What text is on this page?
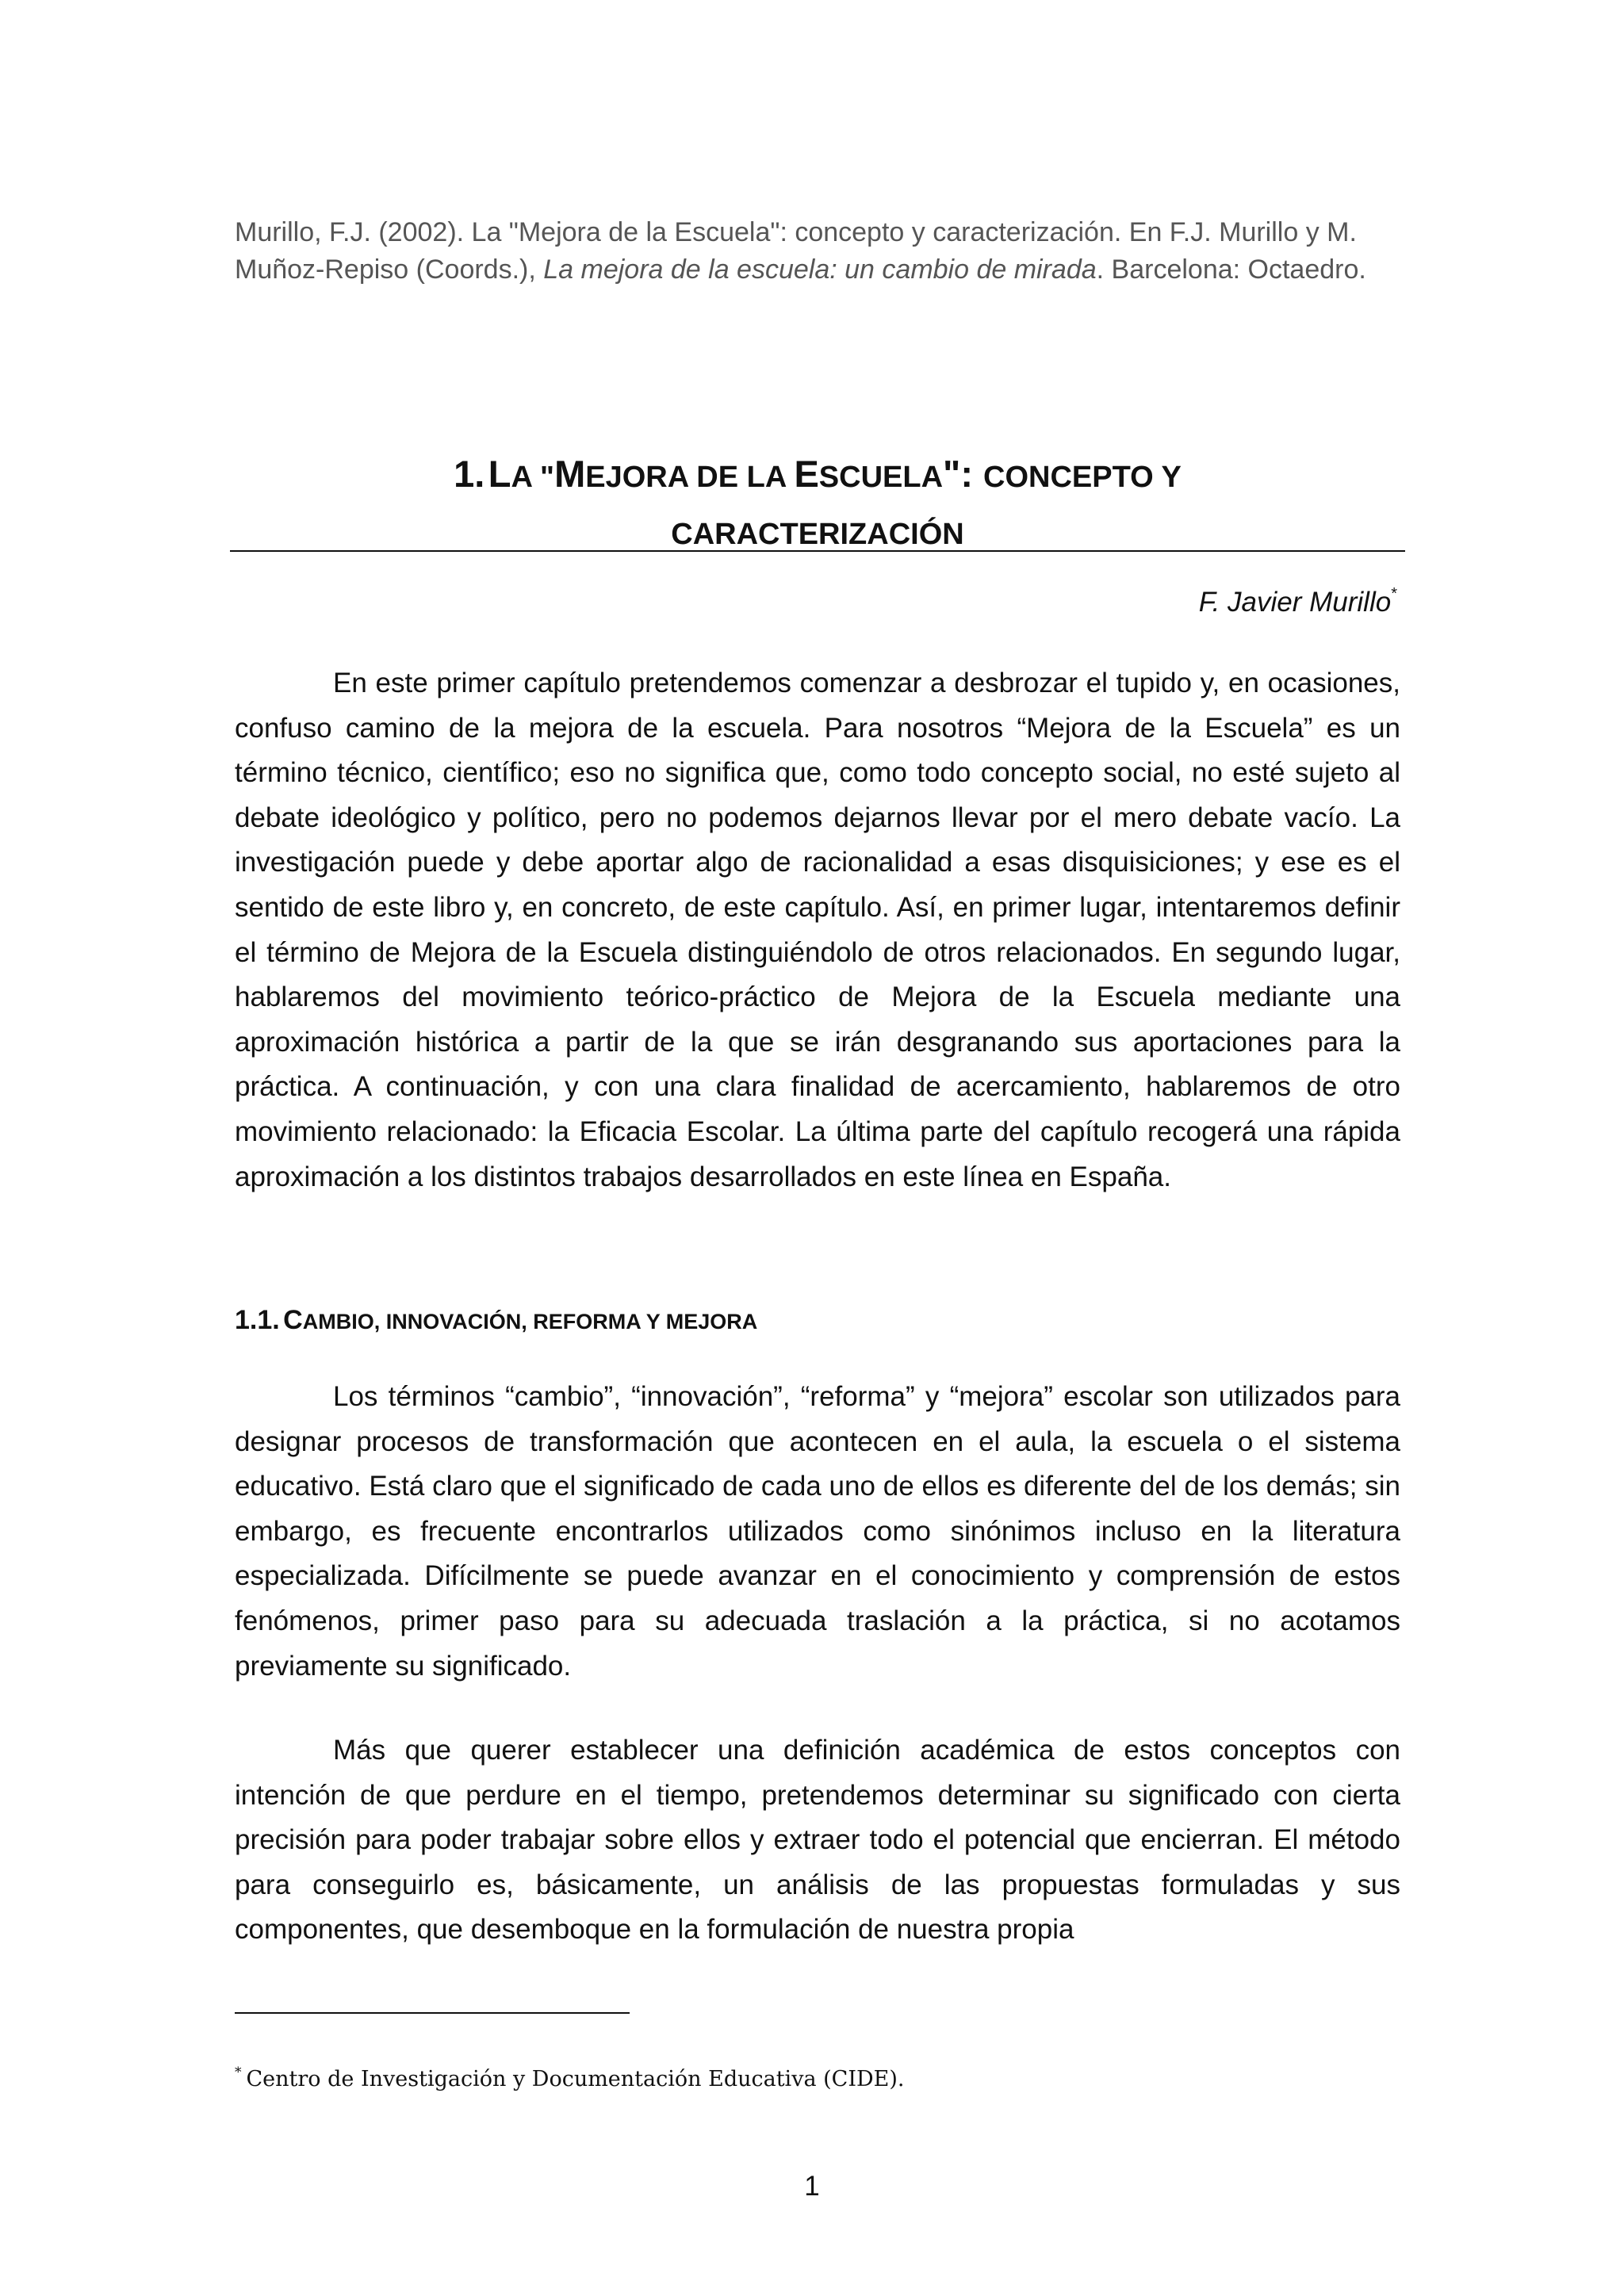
Murillo, F.J. (2002). La "Mejora de la Escuela": concepto y caracterización. En F.J. Murillo y M. Muñoz-Repiso (Coords.), La mejora de la escuela: un cambio de mirada. Barcelona: Octaedro.
1. LA "MEJORA DE LA ESCUELA": CONCEPTO Y
CARACTERIZACIÓN
F. Javier Murillo*

En este primer capítulo pretendemos comenzar a desbrozar el tupido y, en ocasiones, confuso camino de la mejora de la escuela. Para nosotros “Mejora de la Escuela” es un término técnico, científico; eso no significa que, como todo concepto social, no esté sujeto al debate ideológico y político, pero no podemos dejarnos llevar por el mero debate vacío. La investigación puede y debe aportar algo de racionalidad a esas disquisiciones; y ese es el sentido de este libro y, en concreto, de este capítulo. Así, en primer lugar, intentaremos definir el término de Mejora de la Escuela distinguiéndolo de otros relacionados. En segundo lugar, hablaremos del movimiento teórico-práctico de Mejora de la Escuela mediante una aproximación histórica a partir de la que se irán desgranando sus aportaciones para la práctica. A continuación, y con una clara finalidad de acercamiento, hablaremos de otro movimiento relacionado: la Eficacia Escolar. La última parte del capítulo recogerá una rápida aproximación a los distintos trabajos desarrollados en este línea en España.

1.1. CAMBIO, INNOVACIÓN, REFORMA Y MEJORA

Los términos “cambio”, “innovación”, “reforma” y “mejora” escolar son utilizados para designar procesos de transformación que acontecen en el aula, la escuela o el sistema educativo. Está claro que el significado de cada uno de ellos es diferente del de los demás; sin embargo, es frecuente encontrarlos utilizados como sinónimos incluso en la literatura especializada. Difícilmente se puede avanzar en el conocimiento y comprensión de estos fenómenos, primer paso para su adecuada traslación a la práctica, si no acotamos previamente su significado.

Más que querer establecer una definición académica de estos conceptos con intención de que perdure en el tiempo, pretendemos determinar su significado con cierta precisión para poder trabajar sobre ellos y extraer todo el potencial que encierran. El método para conseguirlo es, básicamente, un análisis de las propuestas formuladas y sus componentes, que desemboque en la formulación de nuestra propia

* Centro de Investigación y Documentación Educativa (CIDE).
1
